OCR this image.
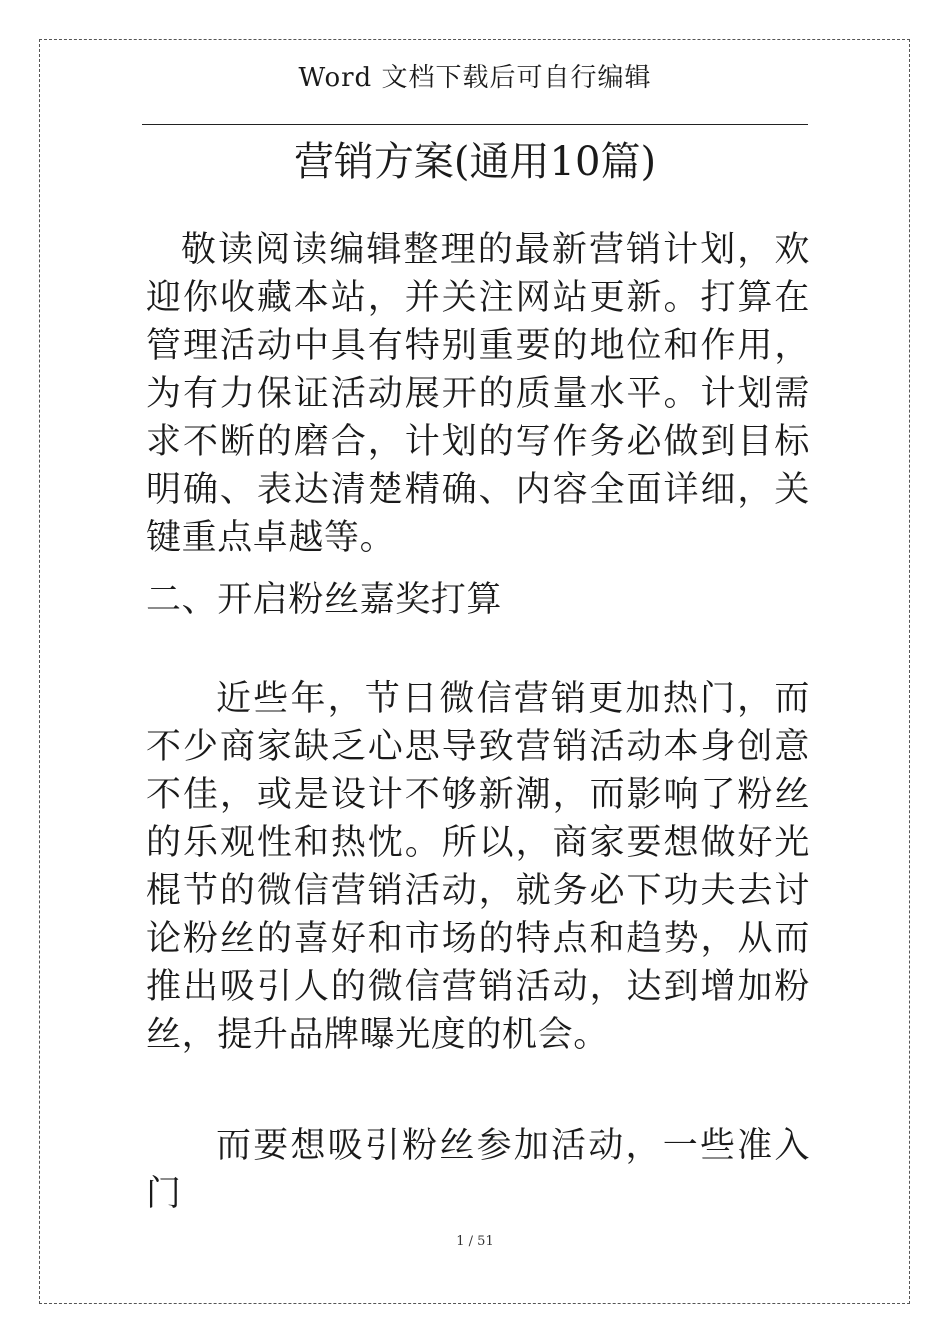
Word 文档下载后可自行编辑
营销方案(通用10篇)

敬读阅读编辑整理的最新营销计划，欢迎你收藏本站，并关注网站更新。打算在管理活动中具有特别重要的地位和作用，为有力保证活动展开的质量水平。计划需求不断的磨合，计划的写作务必做到目标明确、表达清楚精确、内容全面详细，关键重点卓越等。

二、开启粉丝嘉奖打算

近些年，节日微信营销更加热门，而不少商家缺乏心思导致营销活动本身创意不佳，或是设计不够新潮，而影响了粉丝的乐观性和热忱。所以，商家要想做好光棍节的微信营销活动，就务必下功夫去讨论粉丝的喜好和市场的特点和趋势，从而推出吸引人的微信营销活动，达到增加粉丝，提升品牌曝光度的机会。

而要想吸引粉丝参加活动，一些准入门

1 / 51
